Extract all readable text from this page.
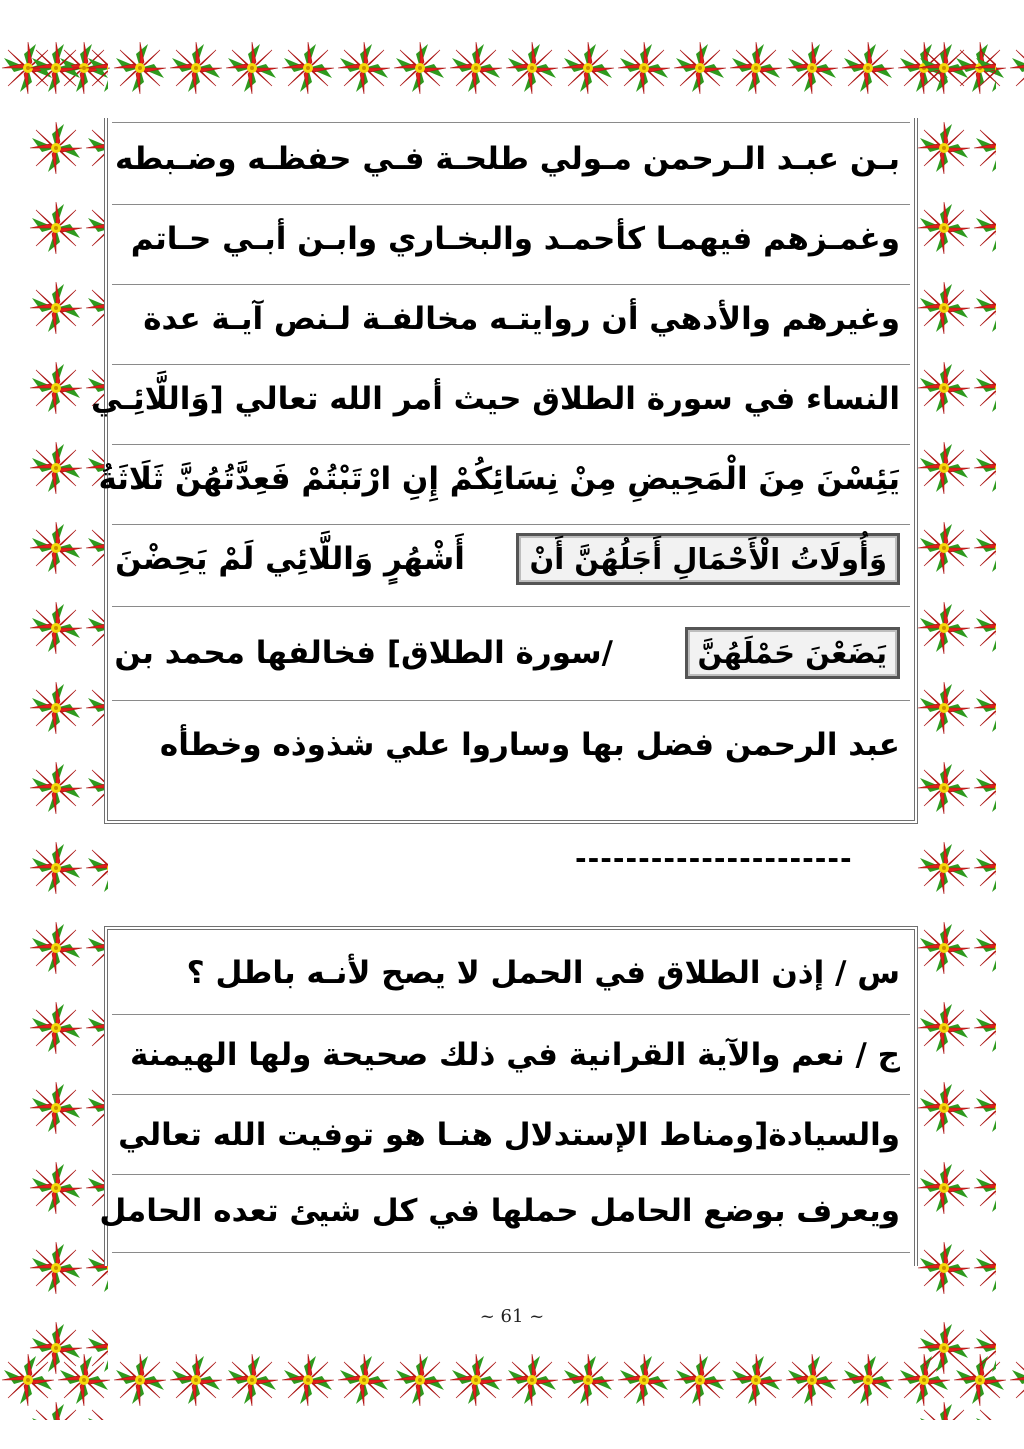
بـن عبـد الـرحمن مـولي طلحـة فـي حفظـه وضـبطه
وغمـزهم فيهمـا كأحمـد والبخـاري وابـن أبـي حـاتم
وغيرهم والأدهي أن روايتـه مخالفـة لـنص آيـة عدة
النساء في سورة الطلاق حيث أمر الله تعالي [وَاللَّائِـي
يَئِسْنَ مِنَ الْمَحِيضِ مِنْ نِسَائِكُمْ إِنِ ارْتَبْتُمْ فَعِدَّتُهُنَّ ثَلَاثَةُ
وَأُولَاتُ الْأَحْمَالِ أَجَلُهُنَّ أَنْ  أَشْهُرٍ وَاللَّائِي لَمْ يَحِضْنَ
يَضَعْنَ حَمْلَهُنَّ  /سورة الطلاق] فخالفها محمد بن
عبد الرحمن فضل بها وساروا علي شذوذه وخطأه
----------------------
س / إذن الطلاق في الحمل لا يصح لأنـه باطل ؟
ج / نعم والآية القرانية في ذلك صحيحة ولها الهيمنة
والسيادة[ومناط الإستدلال هنـا هو توفيت الله تعالي
ويعرف بوضع الحامل حملها في كل شيئ تعده الحامل
~ 61 ~
